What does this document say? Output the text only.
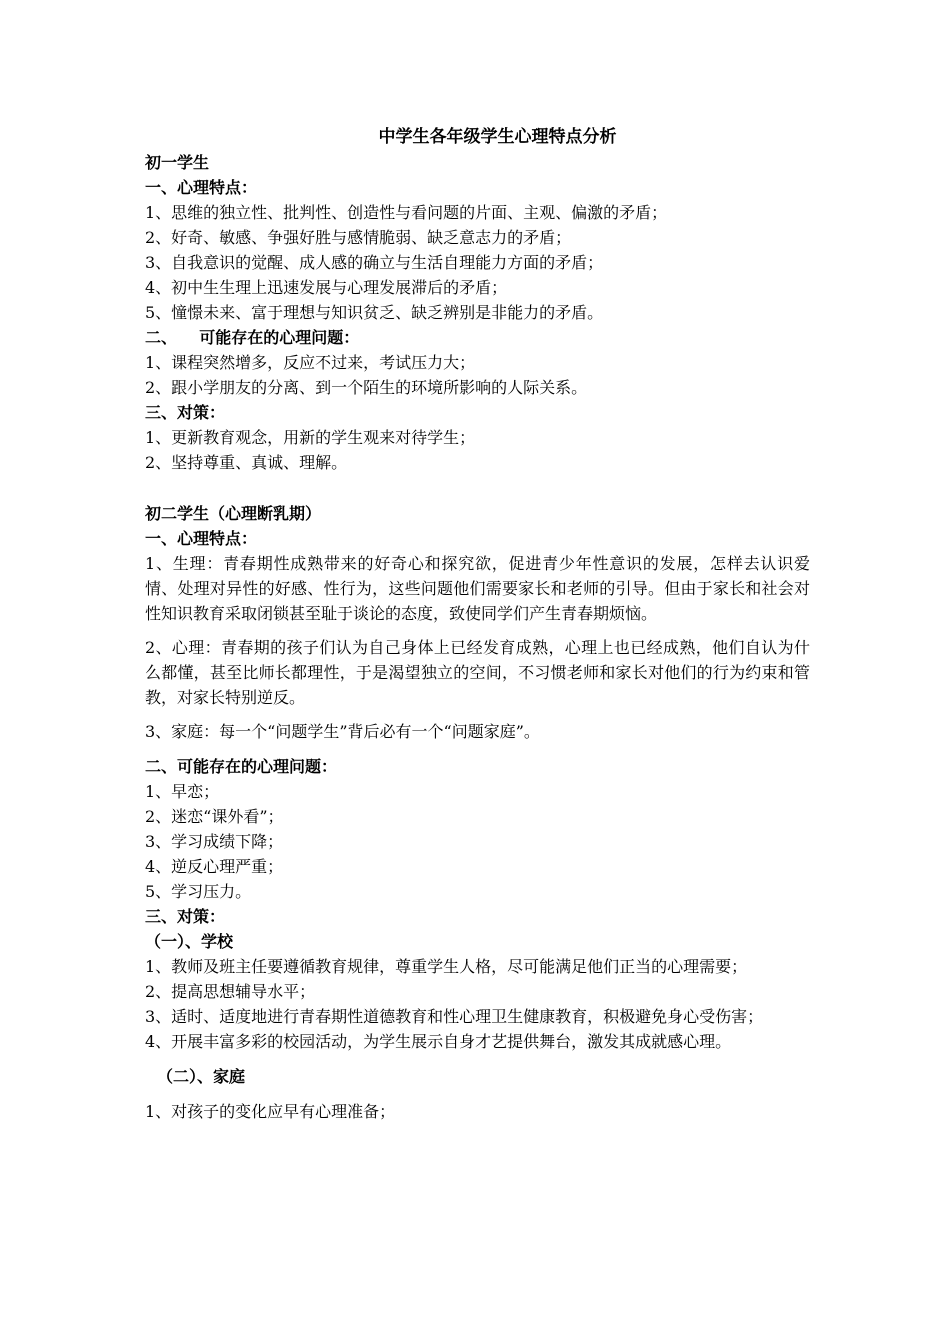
中学生各年级学生心理特点分析
初一学生
一、心理特点：
1、思维的独立性、批判性、创造性与看问题的片面、主观、偏激的矛盾；
2、好奇、敏感、争强好胜与感情脆弱、缺乏意志力的矛盾；
3、自我意识的觉醒、成人感的确立与生活自理能力方面的矛盾；
4、初中生生理上迅速发展与心理发展滞后的矛盾；
5、憧憬未来、富于理想与知识贫乏、缺乏辨别是非能力的矛盾。
二、    可能存在的心理问题：
1、课程突然增多，反应不过来，考试压力大；
2、跟小学朋友的分离、到一个陌生的环境所影响的人际关系。
三、对策：
1、更新教育观念，用新的学生观来对待学生；
2、坚持尊重、真诚、理解。
初二学生（心理断乳期）
一、心理特点：
1、生理：青春期性成熟带来的好奇心和探究欲，促进青少年性意识的发展，怎样去认识爱情、处理对异性的好感、性行为，这些问题他们需要家长和老师的引导。但由于家长和社会对性知识教育采取闭锁甚至耻于谈论的态度，致使同学们产生青春期烦恼。
2、心理：青春期的孩子们认为自己身体上已经发育成熟，心理上也已经成熟，他们自认为什么都懂，甚至比师长都理性，于是渴望独立的空间，不习惯老师和家长对他们的行为约束和管教，对家长特别逆反。
3、家庭：每一个“问题学生”背后必有一个“问题家庭”。
二、可能存在的心理问题：
1、早恋；
2、迷恋“课外看”；
3、学习成绩下降；
4、逆反心理严重；
5、学习压力。
三、对策：
（一）、学校
1、教师及班主任要遵循教育规律，尊重学生人格，尽可能满足他们正当的心理需要；
2、提高思想辅导水平；
3、适时、适度地进行青春期性道德教育和性心理卫生健康教育，积极避免身心受伤害；
4、开展丰富多彩的校园活动，为学生展示自身才艺提供舞台，激发其成就感心理。
（二）、家庭
1、对孩子的变化应早有心理准备；
